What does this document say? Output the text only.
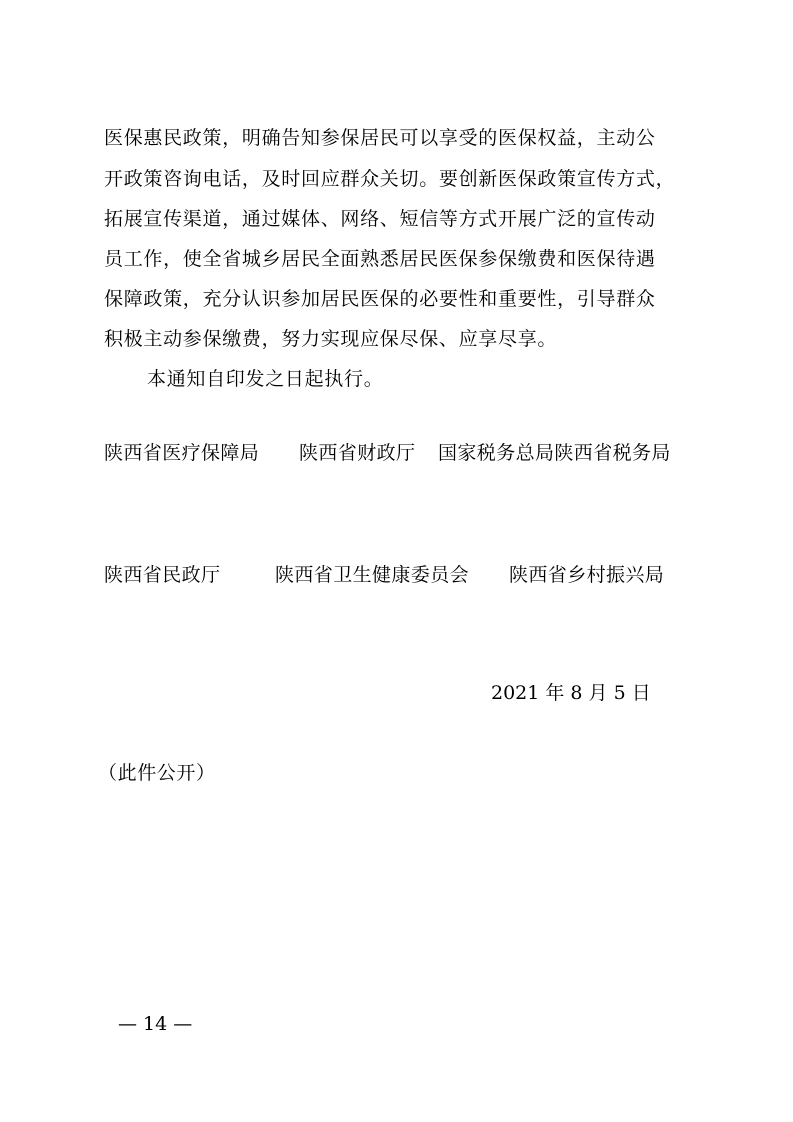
医保惠民政策，明确告知参保居民可以享受的医保权益，主动公
开政策咨询电话，及时回应群众关切。要创新医保政策宣传方式，
拓展宣传渠道，通过媒体、网络、短信等方式开展广泛的宣传动
员工作，使全省城乡居民全面熟悉居民医保参保缴费和医保待遇
保障政策，充分认识参加居民医保的必要性和重要性，引导群众
积极主动参保缴费，努力实现应保尽保、应享尽享。
本通知自印发之日起执行。
陕西省医疗保障局 陕西省财政厅 国家税务总局陕西省税务局
陕西省民政厅	陕西省卫生健康委员会 陕西省乡村振兴局
2021 年 8 月 5 日
（此件公开）
— 14 —
